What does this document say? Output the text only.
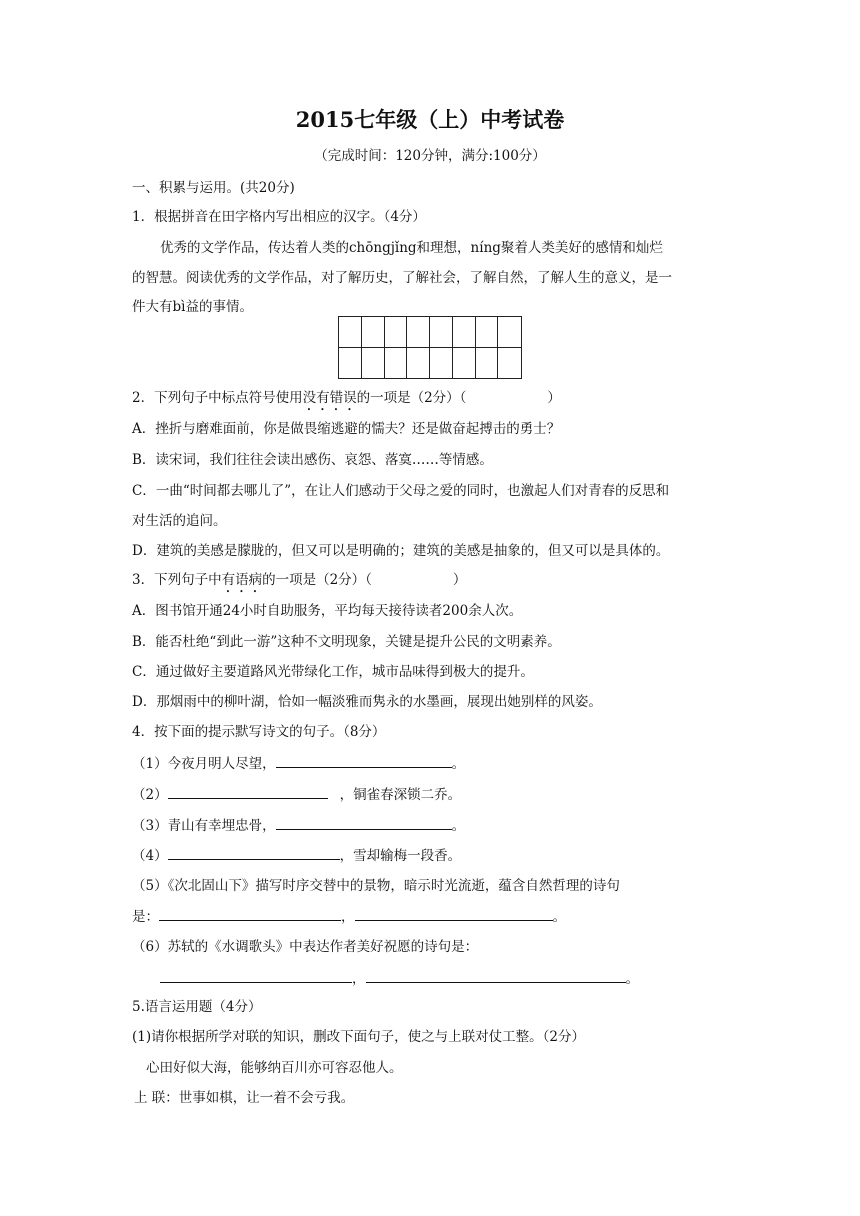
2015七年级（上）中考试卷
（完成时间：120分钟，满分:100分）
一、积累与运用。(共20分)
1．根据拼音在田字格内写出相应的汉字。（4分）
优秀的文学作品，传达着人类的chōngjǐng和理想，níng聚着人类美好的感情和灿烂
的智慧。阅读优秀的文学作品，对了解历史，了解社会，了解自然，了解人生的意义，是一
件大有bì益的事情。
2．下列句子中标点符号使用没有错误的一项是（2分）（　　　　　　）
A．挫折与磨难面前，你是做畏缩逃避的懦夫？还是做奋起搏击的勇士？
B．读宋词，我们往往会读出感伤、哀怨、落寞……等情感。
C．一曲“时间都去哪儿了”，在让人们感动于父母之爱的同时，也激起人们对青春的反思和
对生活的追问。
D．建筑的美感是朦胧的，但又可以是明确的；建筑的美感是抽象的，但又可以是具体的。
3．下列句子中有语病的一项是（2分）（　　　　　　）
A．图书馆开通24小时自助服务，平均每天接待读者200余人次。
B．能否杜绝“到此一游”这种不文明现象，关键是提升公民的文明素养。
C．通过做好主要道路风光带绿化工作，城市品味得到极大的提升。
D．那烟雨中的柳叶湖，恰如一幅淡雅而隽永的水墨画，展现出她别样的风姿。
4．按下面的提示默写诗文的句子。（8分）
（1）今夜月明人尽望，	。
（2）	，铜雀春深锁二乔。
（3）青山有幸埋忠骨，	。
（4）	，雪却输梅一段香。
（5）《次北固山下》描写时序交替中的景物，暗示时光流逝，蕴含自然哲理的诗句
是：	，	。
（6）苏轼的《水调歌头》中表达作者美好祝愿的诗句是：
，	。
5.语言运用题（4分）
(1)请你根据所学对联的知识，删改下面句子，使之与上联对仗工整。（2分）
心田好似大海，能够纳百川亦可容忍他人。
上 联：世事如棋，让一着不会亏我。
